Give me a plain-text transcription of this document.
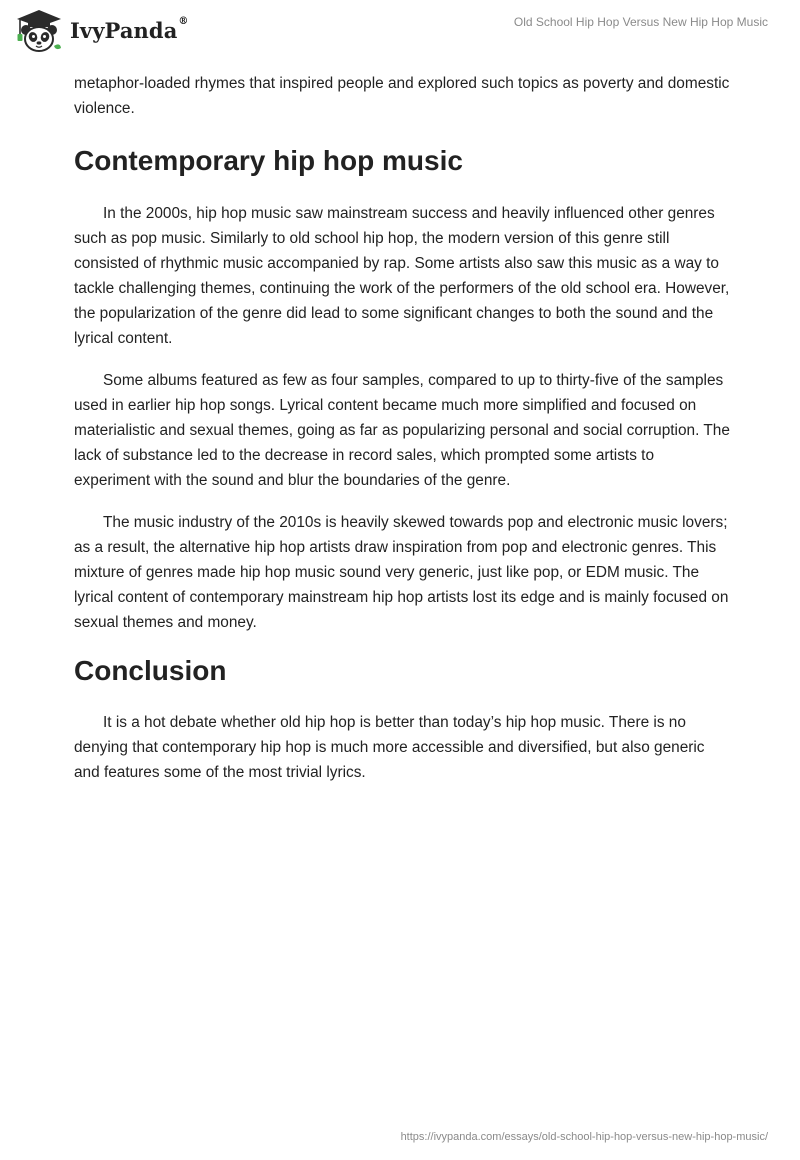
IvyPanda®	Old School Hip Hop Versus New Hip Hop Music

metaphor-loaded rhymes that inspired people and explored such topics as poverty and domestic violence.

Contemporary hip hop music

In the 2000s, hip hop music saw mainstream success and heavily influenced other genres such as pop music. Similarly to old school hip hop, the modern version of this genre still consisted of rhythmic music accompanied by rap. Some artists also saw this music as a way to tackle challenging themes, continuing the work of the performers of the old school era. However, the popularization of the genre did lead to some significant changes to both the sound and the lyrical content.

Some albums featured as few as four samples, compared to up to thirty-five of the samples used in earlier hip hop songs. Lyrical content became much more simplified and focused on materialistic and sexual themes, going as far as popularizing personal and social corruption. The lack of substance led to the decrease in record sales, which prompted some artists to experiment with the sound and blur the boundaries of the genre.

The music industry of the 2010s is heavily skewed towards pop and electronic music lovers; as a result, the alternative hip hop artists draw inspiration from pop and electronic genres. This mixture of genres made hip hop music sound very generic, just like pop, or EDM music. The lyrical content of contemporary mainstream hip hop artists lost its edge and is mainly focused on sexual themes and money.

Conclusion

It is a hot debate whether old hip hop is better than today’s hip hop music. There is no denying that contemporary hip hop is much more accessible and diversified, but also generic and features some of the most trivial lyrics.

https://ivypanda.com/essays/old-school-hip-hop-versus-new-hip-hop-music/
